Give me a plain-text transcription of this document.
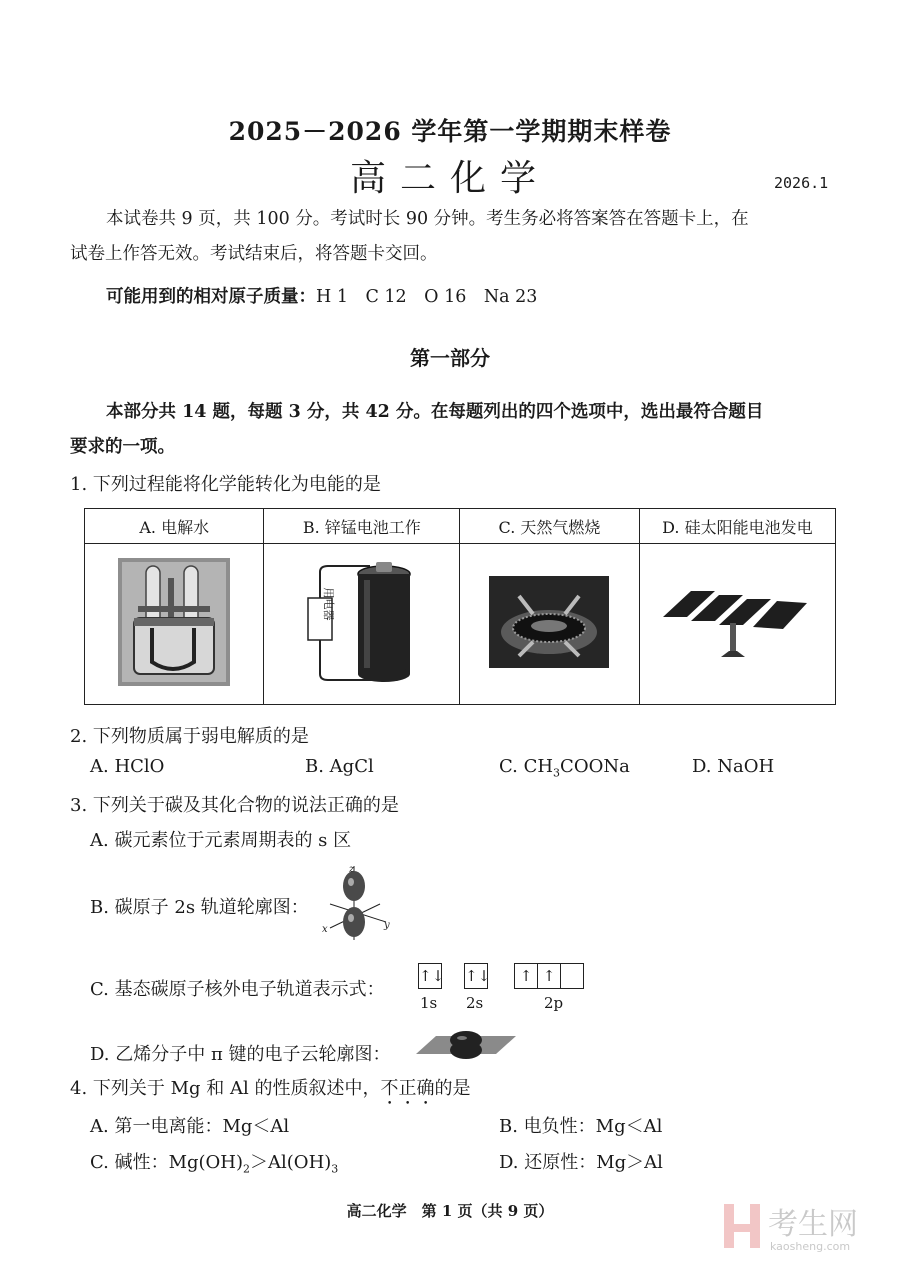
2025－2026 学年第一学期期末样卷
高二化学	2026.1
本试卷共 9 页，共 100 分。考试时长 90 分钟。考生务必将答案答在答题卡上，在
试卷上作答无效。考试结束后，将答题卡交回。
可能用到的相对原子质量：H 1　C 12　O 16　Na 23
第一部分
本部分共 14 题，每题 3 分，共 42 分。在每题列出的四个选项中，选出最符合题目
要求的一项。
1. 下列过程能将化学能转化为电能的是
A. 电解水	B. 锌锰电池工作	C. 天然气燃烧	D. 硅太阳能电池发电

用电器

2. 下列物质属于弱电解质的是
A. HClO	B. AgCl	C. $CH_3COONa$	D. NaOH
3. 下列关于碳及其化合物的说法正确的是
A. 碳元素位于元素周期表的 s 区
B. 碳原子 2s 轨道轮廓图：
z
x	y
C. 基态碳原子核外电子轨道表示式：
↑↓ ↑↓	↑ ↑
1s 2s	2p
D. 乙烯分子中 π 键的电子云轮廓图：
4. 下列关于 Mg 和 Al 的性质叙述中，不正确的是
A. 第一电离能：Mg＜Al	B. 电负性：Mg＜Al
C. 碱性：$Mg(OH)_2>Al(OH)_3$	D. 还原性：Mg＞Al
高二化学　第 1 页（共 9 页）	考生网
kaosheng.com
